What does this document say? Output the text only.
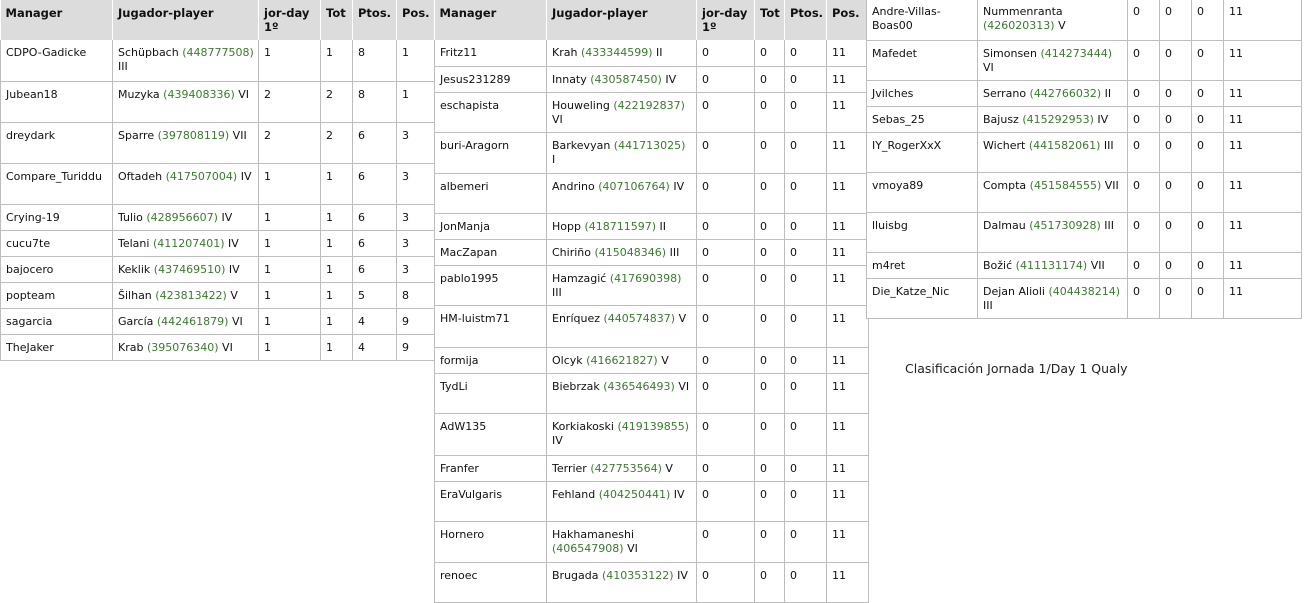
Manager	Jugador-player	jor-day 1º	Tot	Ptos.	Pos.
CDPO-Gadicke	Schüpbach (448777508) III	1	1	8	1
Jubean18	Muzyka (439408336) VI	2	2	8	1
dreydark	Sparre (397808119) VII	2	2	6	3
Compare_Turiddu	Oftadeh (417507004) IV	1	1	6	3
Crying-19	Tulio (428956607) IV	1	1	6	3
cucu7te	Telani (411207401) IV	1	1	6	3
bajocero	Keklik (437469510) IV	1	1	6	3
popteam	Šilhan (423813422) V	1	1	5	8
sagarcia	García (442461879) VI	1	1	4	9
TheJaker	Krab (395076340) VI	1	1	4	9
Manager	Jugador-player	jor-day 1º	Tot	Ptos.	Pos.
Fritz11	Krah (433344599) II	0	0	0	11
Jesus231289	Innaty (430587450) IV	0	0	0	11
eschapista	Houweling (422192837) VI	0	0	0	11
buri-Aragorn	Barkevyan (441713025) I	0	0	0	11
albemeri	Andrino (407106764) IV	0	0	0	11
JonManja	Hopp (418711597) II	0	0	0	11
MacZapan	Chiriño (415048346) III	0	0	0	11
pablo1995	Hamzagić (417690398) III	0	0	0	11
HM-luistm71	Enríquez (440574837) V	0	0	0	11
formija	Olcyk (416621827) V	0	0	0	11
TydLi	Biebrzak (436546493) VI	0	0	0	11
AdW135	Korkiakoski (419139855) IV	0	0	0	11
Franfer	Terrier (427753564) V	0	0	0	11
EraVulgaris	Fehland (404250441) IV	0	0	0	11
Hornero	Hakhamaneshi (406547908) VI	0	0	0	11
renoec	Brugada (410353122) IV	0	0	0	11
Andre-Villas-Boas00	Nummenranta (426020313) V	0	0	0	11
Mafedet	Simonsen (414273444) VI	0	0	0	11
Jvilches	Serrano (442766032) II	0	0	0	11
Sebas_25	Bajusz (415292953) IV	0	0	0	11
IY_RogerXxX	Wichert (441582061) III	0	0	0	11
vmoya89	Compta (451584555) VII	0	0	0	11
lluisbg	Dalmau (451730928) III	0	0	0	11
m4ret	Božić (411131174) VII	0	0	0	11
Die_Katze_Nic	Dejan Alioli (404438214) III	0	0	0	11
Clasificación Jornada 1/Day 1 Qualy
